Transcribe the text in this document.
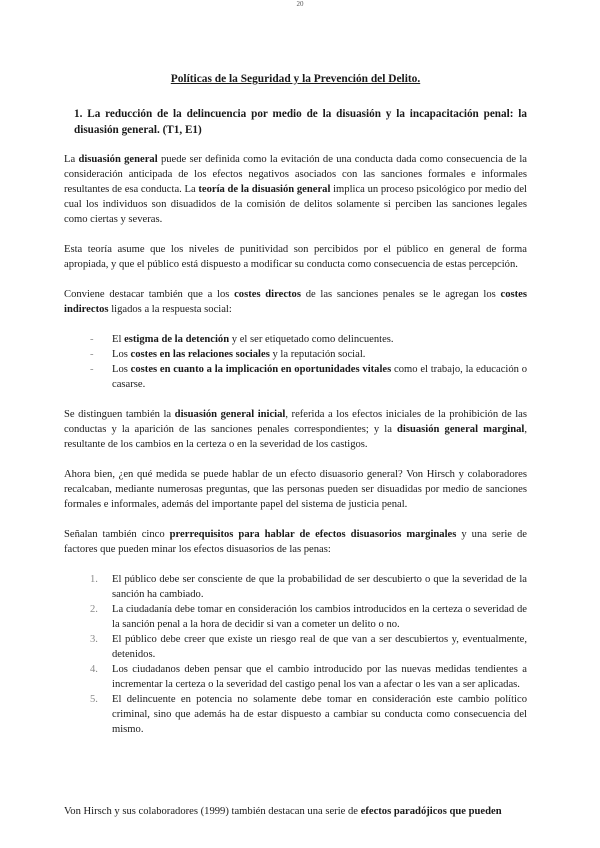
20
Políticas de la Seguridad y la Prevención del Delito.
1. La reducción de la delincuencia por medio de la disuasión y la incapacitación penal: la disuasión general. (T1, E1)

La disuasión general puede ser definida como la evitación de una conducta dada como consecuencia de la consideración anticipada de los efectos negativos asociados con las sanciones formales e informales resultantes de esa conducta. La teoría de la disuasión general implica un proceso psicológico por medio del cual los individuos son disuadidos de la comisión de delitos solamente si perciben las sanciones legales como ciertas y severas.

Esta teoría asume que los niveles de punitividad son percibidos por el público en general de forma apropiada, y que el público está dispuesto a modificar su conducta como consecuencia de estas percepción.

Conviene destacar también que a los costes directos de las sanciones penales se le agregan los costes indirectos ligados a la respuesta social:

- El estigma de la detención y el ser etiquetado como delincuentes.
- Los costes en las relaciones sociales y la reputación social.
- Los costes en cuanto a la implicación en oportunidades vitales como el trabajo, la educación o casarse.

Se distinguen también la disuasión general inicial, referida a los efectos iniciales de la prohibición de las conductas y la aparición de las sanciones penales correspondientes; y la disuasión general marginal, resultante de los cambios en la certeza o en la severidad de los castigos.

Ahora bien, ¿en qué medida se puede hablar de un efecto disuasorio general? Von Hirsch y colaboradores recalcaban, mediante numerosas preguntas, que las personas pueden ser disuadidas por medio de sanciones formales e informales, además del importante papel del sistema de justicia penal.

Señalan también cinco prerrequisitos para hablar de efectos disuasorios marginales y una serie de factores que pueden minar los efectos disuasorios de las penas:

1. El público debe ser consciente de que la probabilidad de ser descubierto o que la severidad de la sanción ha cambiado.
2. La ciudadanía debe tomar en consideración los cambios introducidos en la certeza o severidad de la sanción penal a la hora de decidir si van a cometer un delito o no.
3. El público debe creer que existe un riesgo real de que van a ser descubiertos y, eventualmente, detenidos.
4. Los ciudadanos deben pensar que el cambio introducido por las nuevas medidas tendientes a incrementar la certeza o la severidad del castigo penal los van a afectar o les van a ser aplicadas.
5. El delincuente en potencia no solamente debe tomar en consideración este cambio político criminal, sino que además ha de estar dispuesto a cambiar su conducta como consecuencia del mismo.

Von Hirsch y sus colaboradores (1999) también destacan una serie de efectos paradójicos que pueden
